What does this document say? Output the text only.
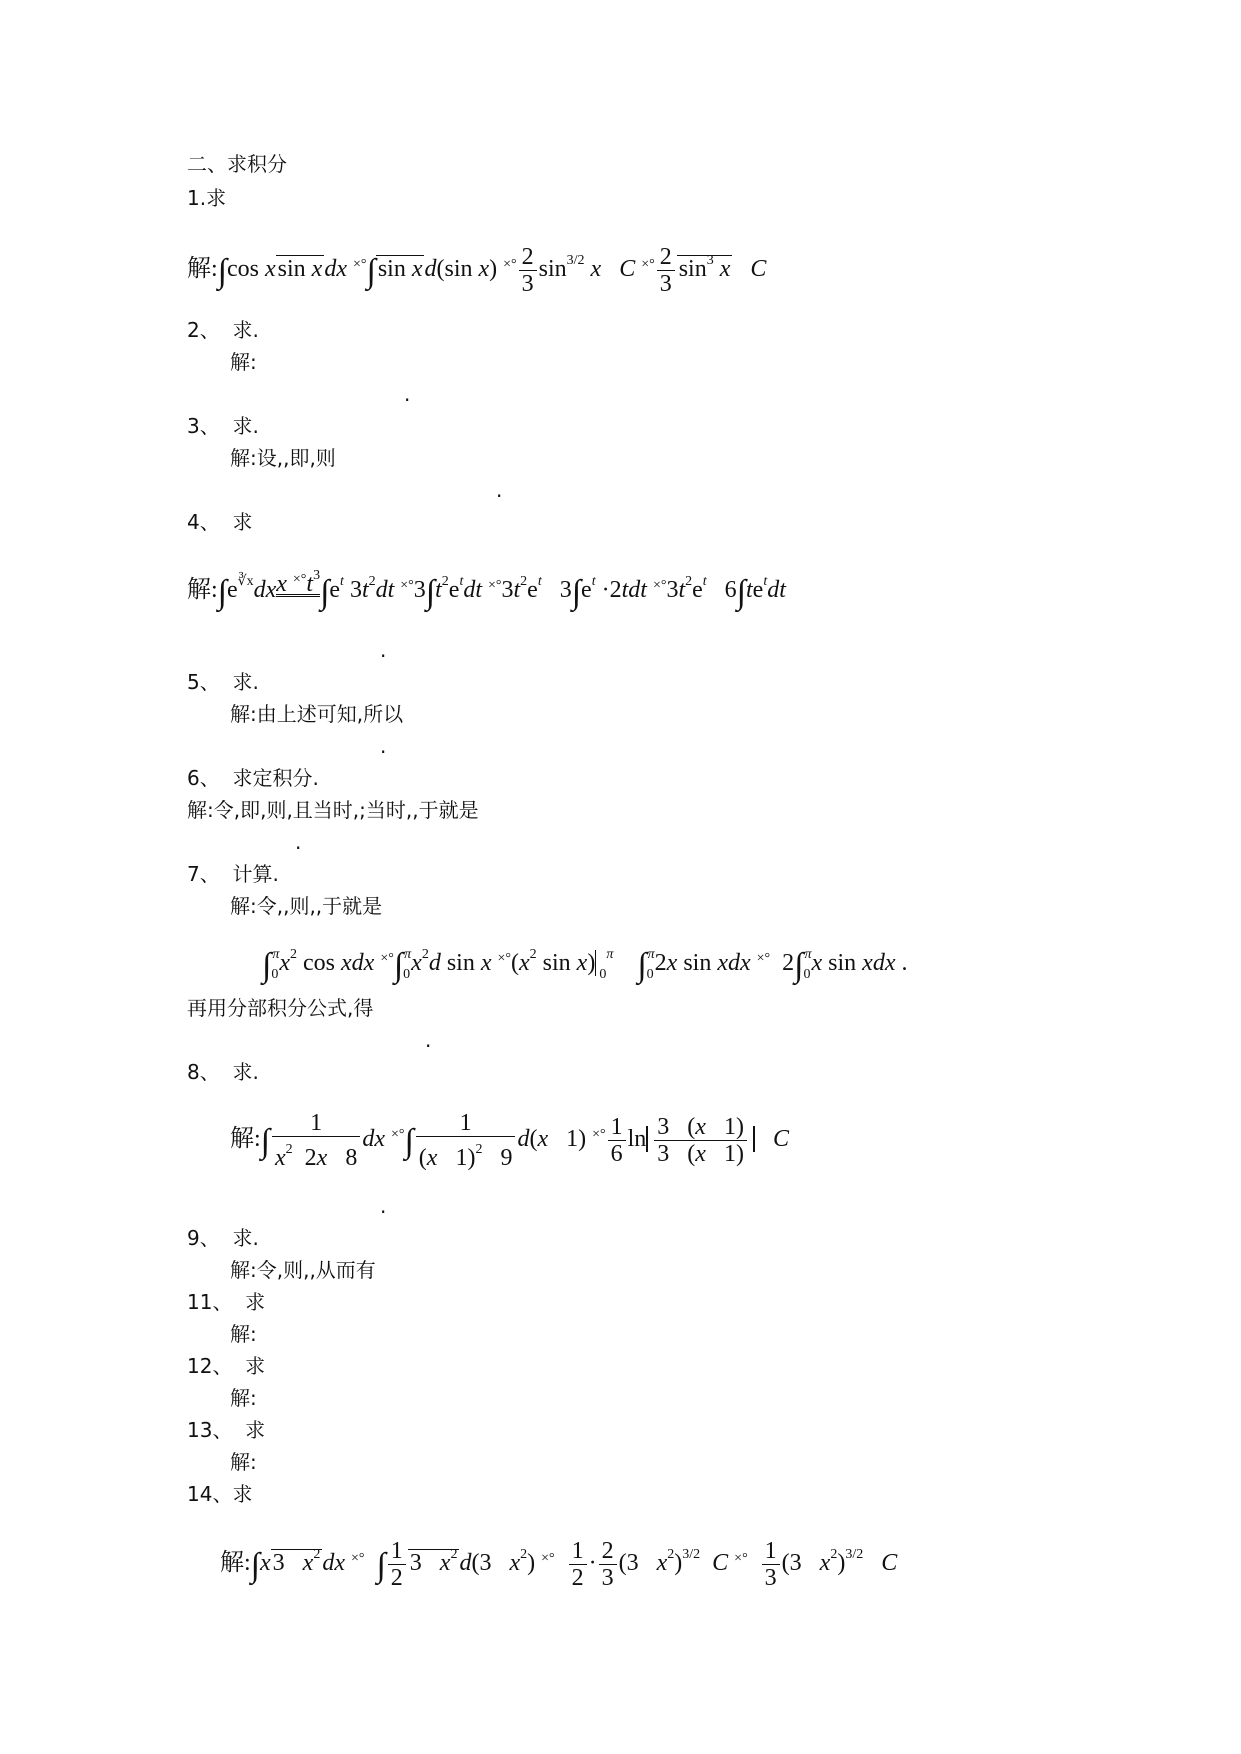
二、求积分
1.求
解:∫cos xsin xdx ×°∫sin xd(sin x) $^{\times^\circ} \frac{2}{3} \sin^{3/2} x$ C $^{\times^\circ} \frac{2}{3} \sin^3 x$ C
2、 求.
解:
.
3、 求.
解:设,,即,则
.
4、 求
解$:\int e^{∛x}dxx$ $^{\times^\circ}t^3\int e^t$ $3t^2dt$ $^{\times^\circ}3\int t^2e^tdt$ $^{\times^\circ}3t^2e^t$   $3\int e^t \cdot 2tdt$ $^{\times^\circ}3t^2e^t$   $6\int te^tdt$
.
5、 求.
解:由上述可知,所以
.
6、 求定积分.
解:令,即,则,且当时,;当时,,于就是
.
7、 计算.
解:令,,则,,于就是
$\int_0^\pi x^2$ cos xdx $^{\times^\circ}\int_0^\pi x^2d$ sin x $^{\times^\circ}(x^2$ sin x) $_0^\pi$ $\int_0^\pi 2x$ sin xdx ×°  $2\int_0^\pi x$ sin xdx .
再用分部积分公式,得
.
8、 求.
解:∫ $\frac{1}{x^2 2x 8}$ dx $^{\times^\circ}\int \frac{1}{(x 1)^2 9} d(x$   1) $^{\times^\circ} \frac{1}{6}$ $\ln \frac{3 (x 1)}{3 (x 1)}$ C
.
9、 求.
解:令,则,,从而有
11、 求
解:
12、 求
解:
13、 求
解:
14、求
解:∫x3   $x^2dx$ ×° ∫ $\frac{1}{2} 3$   $x^2d(3$   $x^2$) $^{\times^\circ} \frac{1}{2} \cdot \frac{2}{3} (3$   $x^2)^{3/2}$ C $^{\times^\circ} \frac{1}{3} (3$   $x^2)^{3/2}$ C
